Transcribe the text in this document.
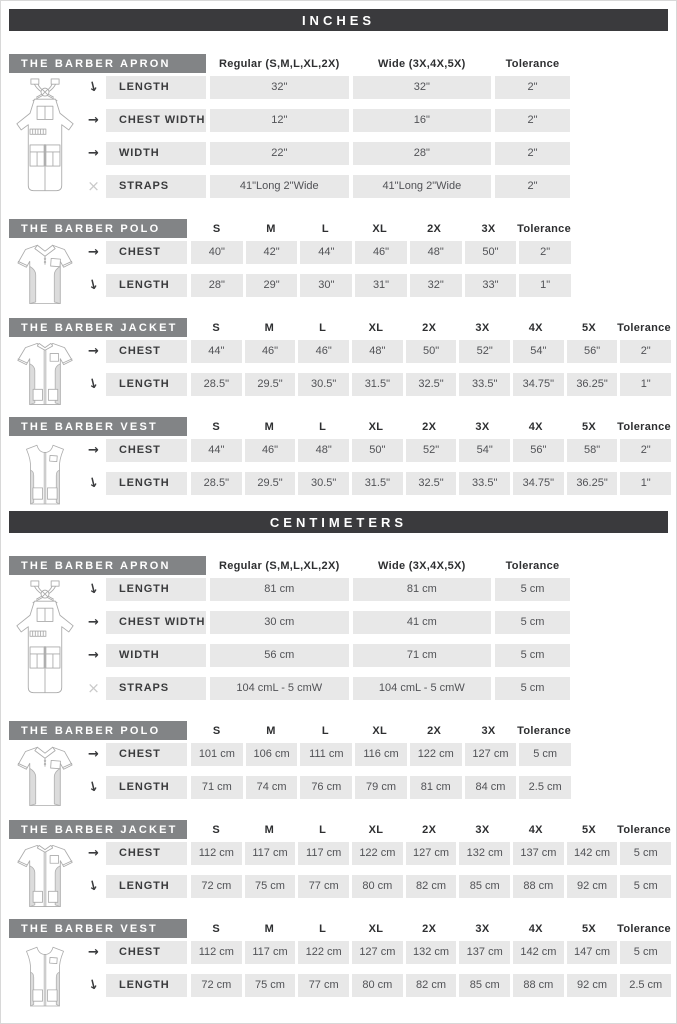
INCHES
THE BARBER APRON	Regular (S,M,L,XL,2X)	Wide (3X,4X,5X)	Tolerance
↓	LENGTH	32"	32"	2"
→	CHEST WIDTH	12"	16"	2"
→	WIDTH	22"	28"	2"
×	STRAPS	41"Long 2"Wide	41"Long 2"Wide	2"
THE BARBER POLO	S	M	L	XL	2X	3X	Tolerance
→	CHEST	40"	42"	44"	46"	48"	50"	2"
↓	LENGTH	28"	29"	30"	31"	32"	33"	1"
THE BARBER JACKET	S	M	L	XL	2X	3X	4X	5X	Tolerance
→	CHEST	44"	46"	46"	48"	50"	52"	54"	56"	2"
↓	LENGTH	28.5"	29.5"	30.5"	31.5"	32.5"	33.5"	34.75"	36.25"	1"
THE BARBER VEST	S	M	L	XL	2X	3X	4X	5X	Tolerance
→	CHEST	44"	46"	48"	50"	52"	54"	56"	58"	2"
↓	LENGTH	28.5"	29.5"	30.5"	31.5"	32.5"	33.5"	34.75"	36.25"	1"
CENTIMETERS
THE BARBER APRON	Regular (S,M,L,XL,2X)	Wide (3X,4X,5X)	Tolerance
↓	LENGTH	81 cm	81 cm	5 cm
→	CHEST WIDTH	30 cm	41 cm	5 cm
→	WIDTH	56 cm	71 cm	5 cm
×	STRAPS	104 cmL - 5 cmW	104 cmL - 5 cmW	5 cm
THE BARBER POLO	S	M	L	XL	2X	3X	Tolerance
→	CHEST	101 cm	106 cm	111 cm	116 cm	122 cm	127 cm	5 cm
↓	LENGTH	71 cm	74 cm	76 cm	79 cm	81 cm	84 cm	2.5 cm
THE BARBER JACKET	S	M	L	XL	2X	3X	4X	5X	Tolerance
→	CHEST	112 cm	117 cm	117 cm	122 cm	127 cm	132 cm	137 cm	142 cm	5 cm
↓	LENGTH	72 cm	75 cm	77 cm	80 cm	82 cm	85 cm	88 cm	92 cm	5 cm
THE BARBER VEST	S	M	L	XL	2X	3X	4X	5X	Tolerance
→	CHEST	112 cm	117 cm	122 cm	127 cm	132 cm	137 cm	142 cm	147 cm	5 cm
↓	LENGTH	72 cm	75 cm	77 cm	80 cm	82 cm	85 cm	88 cm	92 cm	2.5 cm
